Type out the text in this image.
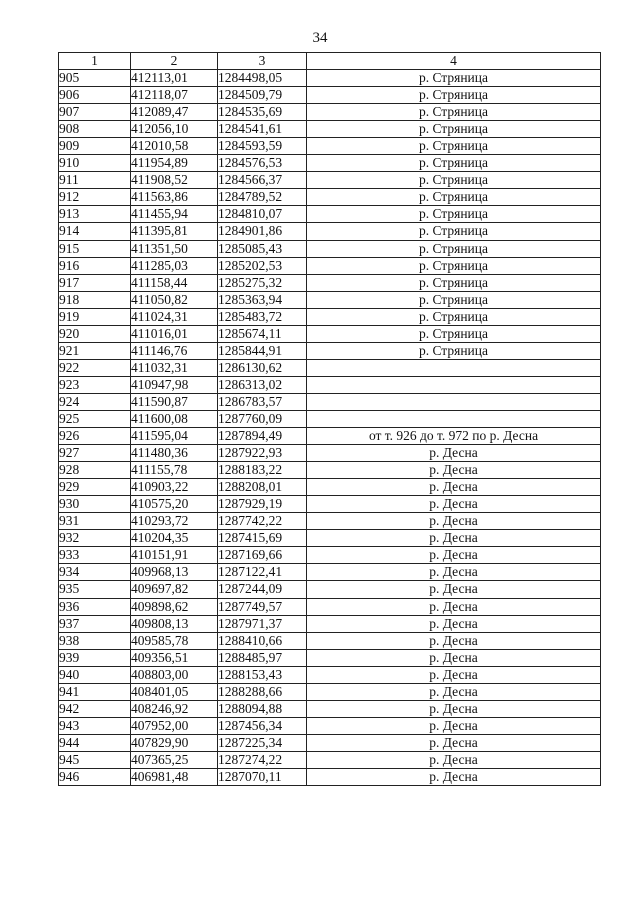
34
1	2	3	4
905	412113,01	1284498,05	р. Стряница
906	412118,07	1284509,79	р. Стряница
907	412089,47	1284535,69	р. Стряница
908	412056,10	1284541,61	р. Стряница
909	412010,58	1284593,59	р. Стряница
910	411954,89	1284576,53	р. Стряница
911	411908,52	1284566,37	р. Стряница
912	411563,86	1284789,52	р. Стряница
913	411455,94	1284810,07	р. Стряница
914	411395,81	1284901,86	р. Стряница
915	411351,50	1285085,43	р. Стряница
916	411285,03	1285202,53	р. Стряница
917	411158,44	1285275,32	р. Стряница
918	411050,82	1285363,94	р. Стряница
919	411024,31	1285483,72	р. Стряница
920	411016,01	1285674,11	р. Стряница
921	411146,76	1285844,91	р. Стряница
922	411032,31	1286130,62	
923	410947,98	1286313,02	
924	411590,87	1286783,57	
925	411600,08	1287760,09	
926	411595,04	1287894,49	от т. 926 до т. 972 по р. Десна
927	411480,36	1287922,93	р. Десна
928	411155,78	1288183,22	р. Десна
929	410903,22	1288208,01	р. Десна
930	410575,20	1287929,19	р. Десна
931	410293,72	1287742,22	р. Десна
932	410204,35	1287415,69	р. Десна
933	410151,91	1287169,66	р. Десна
934	409968,13	1287122,41	р. Десна
935	409697,82	1287244,09	р. Десна
936	409898,62	1287749,57	р. Десна
937	409808,13	1287971,37	р. Десна
938	409585,78	1288410,66	р. Десна
939	409356,51	1288485,97	р. Десна
940	408803,00	1288153,43	р. Десна
941	408401,05	1288288,66	р. Десна
942	408246,92	1288094,88	р. Десна
943	407952,00	1287456,34	р. Десна
944	407829,90	1287225,34	р. Десна
945	407365,25	1287274,22	р. Десна
946	406981,48	1287070,11	р. Десна
